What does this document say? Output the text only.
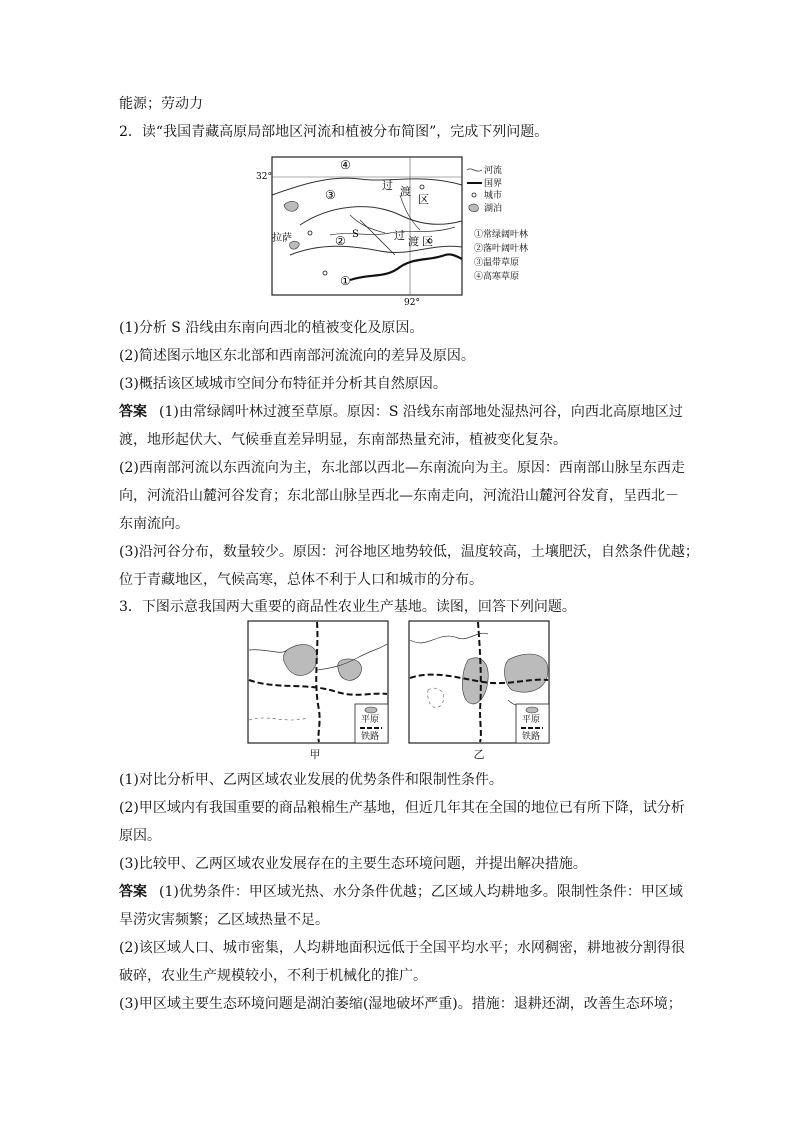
能源；劳动力
2．读“我国青藏高原局部地区河流和植被分布简图”，完成下列问题。
32°
92°
④
③
②
①
拉萨	S
过 渡
区
过 渡 区
河流
国界
城市
湖泊
①常绿阔叶林
②落叶阔叶林
③温带草原
④高寒草原
(1)分析 S 沿线由东南向西北的植被变化及原因。
(2)简述图示地区东北部和西南部河流流向的差异及原因。
(3)概括该区域城市空间分布特征并分析其自然原因。
答案 (1)由常绿阔叶林过渡至草原。原因：S 沿线东南部地处湿热河谷，向西北高原地区过
渡，地形起伏大、气候垂直差异明显，东南部热量充沛，植被变化复杂。
(2)西南部河流以东西流向为主，东北部以西北—东南流向为主。原因：西南部山脉呈东西走
向，河流沿山麓河谷发育；东北部山脉呈西北—东南走向，河流沿山麓河谷发育，呈西北－
东南流向。
(3)沿河谷分布，数量较少。原因：河谷地区地势较低，温度较高，土壤肥沃，自然条件优越；
位于青藏地区，气候高寒，总体不利于人口和城市的分布。
3．下图示意我国两大重要的商品性农业生产基地。读图，回答下列问题。
平原
铁路
甲
平原
铁路
乙
(1)对比分析甲、乙两区域农业发展的优势条件和限制性条件。
(2)甲区域内有我国重要的商品粮棉生产基地，但近几年其在全国的地位已有所下降，试分析
原因。
(3)比较甲、乙两区域农业发展存在的主要生态环境问题，并提出解决措施。
答案 (1)优势条件：甲区域光热、水分条件优越；乙区域人均耕地多。限制性条件：甲区域
旱涝灾害频繁；乙区域热量不足。
(2)该区域人口、城市密集，人均耕地面积远低于全国平均水平；水网稠密，耕地被分割得很
破碎，农业生产规模较小，不利于机械化的推广。
(3)甲区域主要生态环境问题是湖泊萎缩(湿地破坏严重)。措施：退耕还湖，改善生态环境；
